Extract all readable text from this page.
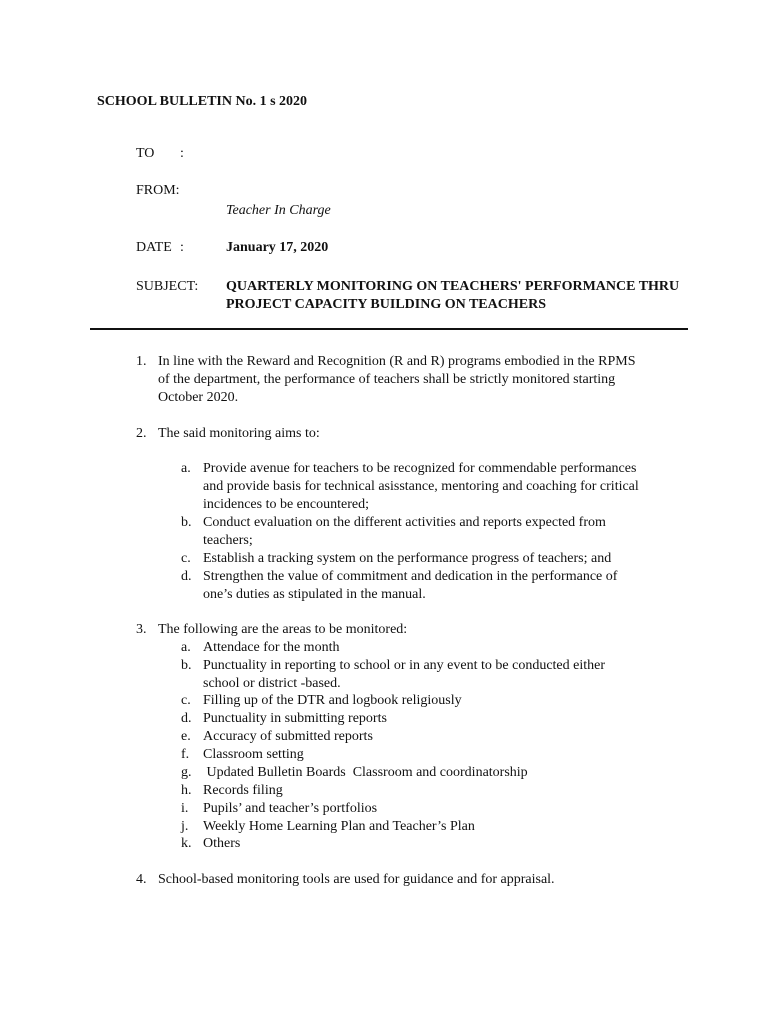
SCHOOL BULLETIN No. 1 s 2020
TO :
FROM:
Teacher In Charge
DATE :	January 17, 2020
SUBJECT: QUARTERLY MONITORING ON TEACHERS' PERFORMANCE THRU
PROJECT CAPACITY BUILDING ON TEACHERS
1. In line with the Reward and Recognition (R and R) programs embodied in the RPMS
of the department, the performance of teachers shall be strictly monitored starting
October 2020.
2. The said monitoring aims to:
a. Provide avenue for teachers to be recognized for commendable performances
and provide basis for technical asisstance, mentoring and coaching for critical
incidences to be encountered;
b. Conduct evaluation on the different activities and reports expected from
teachers;
c. Establish a tracking system on the performance progress of teachers; and
d. Strengthen the value of commitment and dedication in the performance of
one’s duties as stipulated in the manual.
3. The following are the areas to be monitored:
a. Attendace for the month
b. Punctuality in reporting to school or in any event to be conducted either
school or district -based.
c. Filling up of the DTR and logbook religiously
d. Punctuality in submitting reports
e. Accuracy of submitted reports
f. Classroom setting
g. Updated Bulletin Boards  Classroom and coordinatorship
h. Records filing
i. Pupils’ and teacher’s portfolios
j. Weekly Home Learning Plan and Teacher’s Plan
k. Others
4. School-based monitoring tools are used for guidance and for appraisal.
